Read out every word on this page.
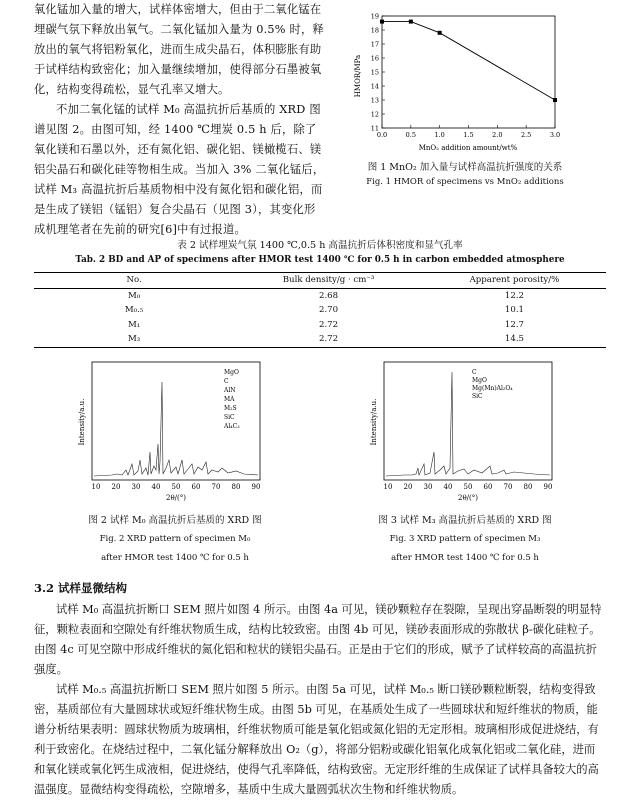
氧化锰加入量的增大，试样体密增大，但由于二氧化锰在埋碳气氛下释放出氧气。二氧化锰加入量为 0.5% 时，释放出的氧气将铝粉氧化，进而生成尖晶石，体积膨胀有助于试样结构致密化；加入量继续增加，使得部分石墨被氧化，结构变得疏松，显气孔率又增大。

不加二氧化锰的试样 M₀ 高温抗折后基质的 XRD 图谱见图 2。由图可知，经 1400 ℃埋炭 0.5 h 后，除了氧化镁和石墨以外，还有氮化铝、碳化铝、镁橄榄石、镁铝尖晶石和碳化硅等物相生成。当加入 3% 二氧化锰后，试样 M₃ 高温抗折后基质物相中没有氮化铝和碳化铝，而是生成了镁铝（锰铝）复合尖晶石（见图 3），其变化形成机理笔者在先前的研究[6]中有过报道。

HMOR/MPa
0.0	0.5	1.0	1.5	2.0	2.5	3.0
11
12
13
14
15
16
17
18
19
MnO₂ addition amount/wt%
图 1 MnO₂ 加入量与试样高温抗折强度的关系
Fig. 1 HMOR of specimens vs MnO₂ additions
表 2 试样埋炭气氛 1400 ℃,0.5 h 高温抗折后体积密度和显气孔率
Tab. 2 BD and AP of specimens after HMOR test 1400 ℃ for 0.5 h in carbon embedded atmosphere
No.	Bulk density/g · cm⁻³	Apparent porosity/%
M₀	2.68	12.2
M₀.₅	2.70	10.1
M₁	2.72	12.7
M₃	2.72	14.5
Intensity/a.u.
MgO
C
AlN
MA
M₂S
SiC
Al₄C₃
10 20 30 40 50 60 70 80 90
2θ/(°)
图 2 试样 M₀ 高温抗折后基质的 XRD 图
Fig. 2 XRD pattern of specimen M₀
after HMOR test 1400 ℃ for 0.5 h
Intensity/a.u.
C
MgO
Mg(Mn)Al₂O₄
SiC
10 20 30 40 50 60 70 80 90
2θ/(°)
图 3 试样 M₃ 高温抗折后基质的 XRD 图
Fig. 3 XRD pattern of specimen M₃
after HMOR test 1400 ℃ for 0.5 h
3.2 试样显微结构

试样 M₀ 高温抗折断口 SEM 照片如图 4 所示。由图 4a 可见，镁砂颗粒存在裂隙，呈现出穿晶断裂的明显特征，颗粒表面和空隙处有纤维状物质生成，结构比较致密。由图 4b 可见，镁砂表面形成的弥散状 β-碳化硅粒子。由图 4c 可见空隙中形成纤维状的氮化铝和粒状的镁铝尖晶石。正是由于它们的形成，赋予了试样较高的高温抗折强度。

试样 M₀.₅ 高温抗折断口 SEM 照片如图 5 所示。由图 5a 可见，试样 M₀.₅ 断口镁砂颗粒断裂，结构变得致密，基质部位有大量圆球状或短纤维状物生成。由图 5b 可见，在基质处生成了一些圆球状和短纤维状的物质，能谱分析结果表明：圆球状物质为玻璃相，纤维状物质可能是氧化铝或氮化铝的无定形相。玻璃相形成促进烧结，有利于致密化。在烧结过程中，二氧化锰分解释放出 O₂（g），将部分铝粉或碳化铝氧化成氧化铝或二氧化硅，进而和氧化镁或氧化钙生成液相，促进烧结，使得气孔率降低，结构致密。无定形纤维的生成保证了试样具备较大的高温强度。显微结构变得疏松，空隙增多，基质中生成大量圆弧状次生物和纤维状物质。
